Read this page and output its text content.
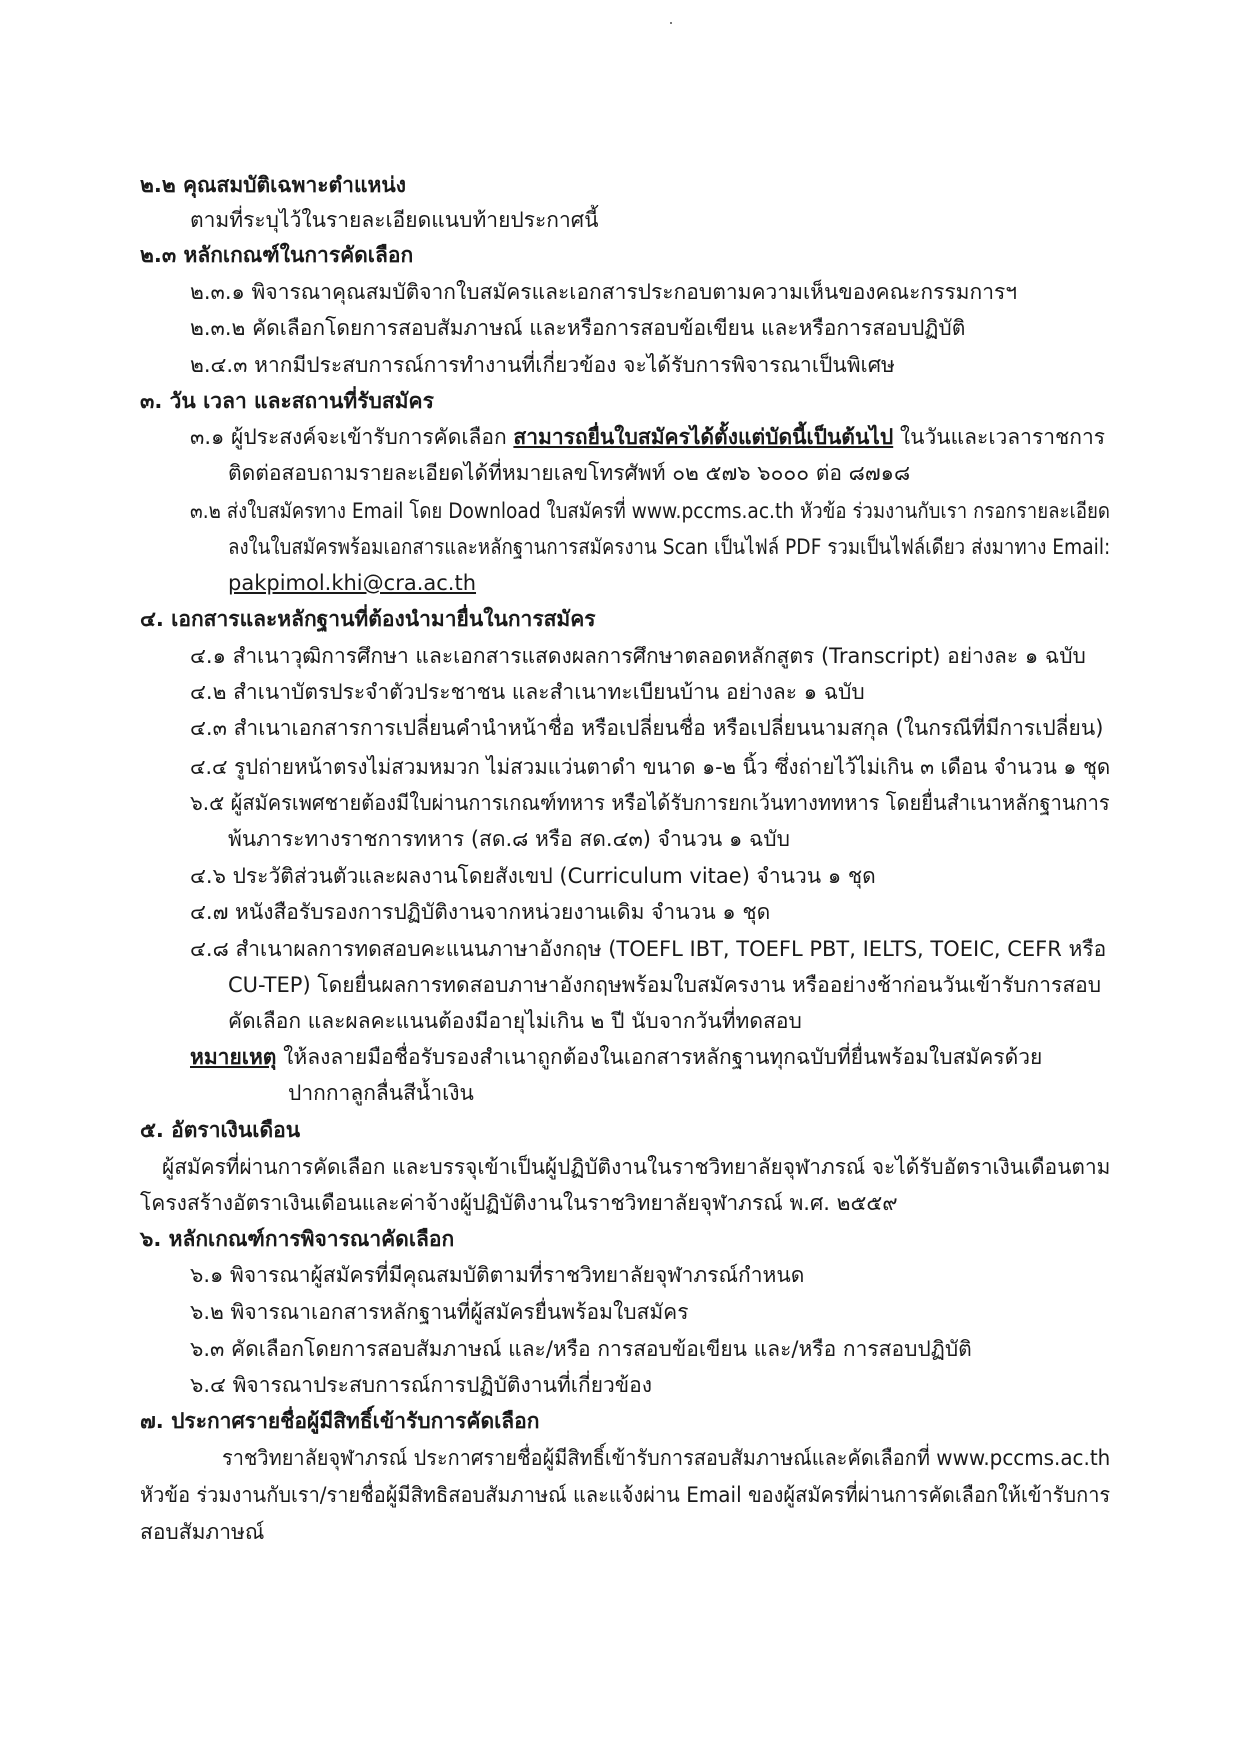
๒.๒ คุณสมบัติเฉพาะตำแหน่ง
ตามที่ระบุไว้ในรายละเอียดแนบท้ายประกาศนี้
๒.๓ หลักเกณฑ์ในการคัดเลือก
๒.๓.๑ พิจารณาคุณสมบัติจากใบสมัครและเอกสารประกอบตามความเห็นของคณะกรรมการฯ
๒.๓.๒ คัดเลือกโดยการสอบสัมภาษณ์ และหรือการสอบข้อเขียน และหรือการสอบปฏิบัติ
๒.๔.๓ หากมีประสบการณ์การทำงานที่เกี่ยวข้อง จะได้รับการพิจารณาเป็นพิเศษ
๓. วัน เวลา และสถานที่รับสมัคร
๓.๑ ผู้ประสงค์จะเข้ารับการคัดเลือก สามารถยื่นใบสมัครได้ตั้งแต่บัดนี้เป็นต้นไป ในวันและเวลาราชการ
ติดต่อสอบถามรายละเอียดได้ที่หมายเลขโทรศัพท์ ๐๒ ๕๗๖ ๖๐๐๐ ต่อ ๘๗๑๘
๓.๒ ส่งใบสมัครทาง Email โดย Download ใบสมัครที่ www.pccms.ac.th หัวข้อ ร่วมงานกับเรา กรอกรายละเอียด
ลงในใบสมัครพร้อมเอกสารและหลักฐานการสมัครงาน Scan เป็นไฟล์ PDF รวมเป็นไฟล์เดียว ส่งมาทาง Email:
pakpimol.khi@cra.ac.th
๔. เอกสารและหลักฐานที่ต้องนำมายื่นในการสมัคร
๔.๑ สำเนาวุฒิการศึกษา และเอกสารแสดงผลการศึกษาตลอดหลักสูตร (Transcript) อย่างละ ๑ ฉบับ
๔.๒ สำเนาบัตรประจำตัวประชาชน และสำเนาทะเบียนบ้าน อย่างละ ๑ ฉบับ
๔.๓ สำเนาเอกสารการเปลี่ยนคำนำหน้าชื่อ หรือเปลี่ยนชื่อ หรือเปลี่ยนนามสกุล (ในกรณีที่มีการเปลี่ยน)
๔.๔ รูปถ่ายหน้าตรงไม่สวมหมวก ไม่สวมแว่นตาดำ ขนาด ๑-๒ นิ้ว ซึ่งถ่ายไว้ไม่เกิน ๓ เดือน จำนวน ๑ ชุด
๖.๕ ผู้สมัครเพศชายต้องมีใบผ่านการเกณฑ์ทหาร หรือได้รับการยกเว้นทางททหาร โดยยื่นสำเนาหลักฐานการ
พ้นภาระทางราชการทหาร (สด.๘ หรือ สด.๔๓) จำนวน ๑ ฉบับ
๔.๖ ประวัติส่วนตัวและผลงานโดยสังเขป (Curriculum vitae) จำนวน ๑ ชุด
๔.๗ หนังสือรับรองการปฏิบัติงานจากหน่วยงานเดิม จำนวน ๑ ชุด
๔.๘ สำเนาผลการทดสอบคะแนนภาษาอังกฤษ (TOEFL IBT, TOEFL PBT, IELTS, TOEIC, CEFR หรือ
CU-TEP) โดยยื่นผลการทดสอบภาษาอังกฤษพร้อมใบสมัครงาน หรืออย่างช้าก่อนวันเข้ารับการสอบ
คัดเลือก และผลคะแนนต้องมีอายุไม่เกิน ๒ ปี นับจากวันที่ทดสอบ
หมายเหตุ ให้ลงลายมือชื่อรับรองสำเนาถูกต้องในเอกสารหลักฐานทุกฉบับที่ยื่นพร้อมใบสมัครด้วย
ปากกาลูกลื่นสีน้ำเงิน
๕. อัตราเงินเดือน
ผู้สมัครที่ผ่านการคัดเลือก และบรรจุเข้าเป็นผู้ปฏิบัติงานในราชวิทยาลัยจุฬาภรณ์ จะได้รับอัตราเงินเดือนตาม
โครงสร้างอัตราเงินเดือนและค่าจ้างผู้ปฏิบัติงานในราชวิทยาลัยจุฬาภรณ์ พ.ศ. ๒๕๕๙
๖. หลักเกณฑ์การพิจารณาคัดเลือก
๖.๑ พิจารณาผู้สมัครที่มีคุณสมบัติตามที่ราชวิทยาลัยจุฬาภรณ์กำหนด
๖.๒ พิจารณาเอกสารหลักฐานที่ผู้สมัครยื่นพร้อมใบสมัคร
๖.๓ คัดเลือกโดยการสอบสัมภาษณ์ และ/หรือ การสอบข้อเขียน และ/หรือ การสอบปฏิบัติ
๖.๔ พิจารณาประสบการณ์การปฏิบัติงานที่เกี่ยวข้อง
๗. ประกาศรายชื่อผู้มีสิทธิ์เข้ารับการคัดเลือก
ราชวิทยาลัยจุฬาภรณ์ ประกาศรายชื่อผู้มีสิทธิ์เข้ารับการสอบสัมภาษณ์และคัดเลือกที่ www.pccms.ac.th
หัวข้อ ร่วมงานกับเรา/รายชื่อผู้มีสิทธิสอบสัมภาษณ์ และแจ้งผ่าน Email ของผู้สมัครที่ผ่านการคัดเลือกให้เข้ารับการ
สอบสัมภาษณ์
